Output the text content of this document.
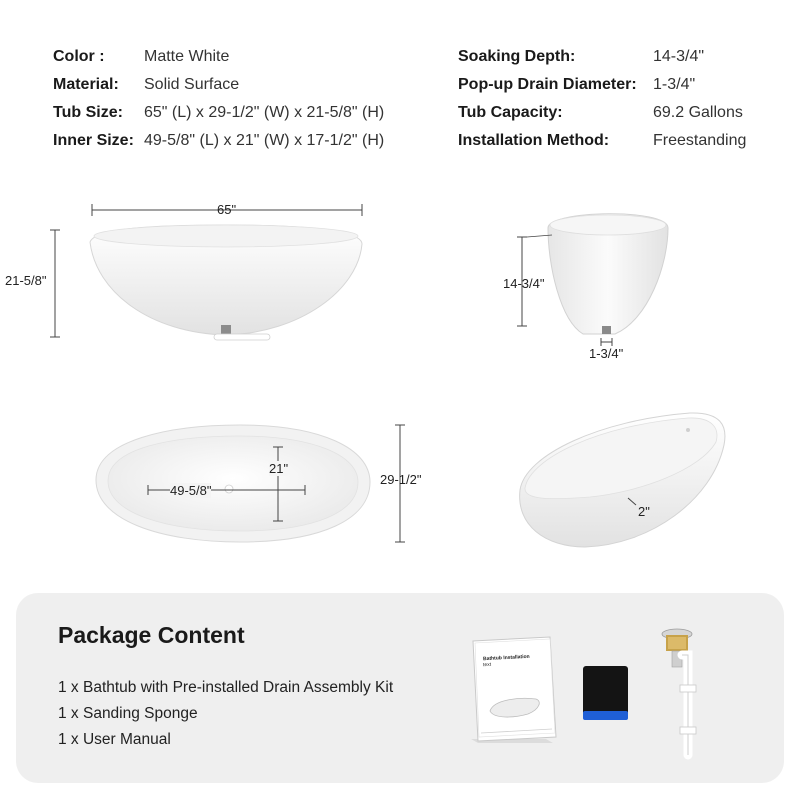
Color : Matte White
Material: Solid Surface
Tub Size: 65" (L) x 29-1/2" (W) x 21-5/8" (H)
Inner Size: 49-5/8" (L) x 21" (W) x 17-1/2" (H)
Soaking Depth:	14-3/4"
Pop-up Drain Diameter: 1-3/4"
Tub Capacity:	69.2 Gallons
Installation Method:	Freestanding
65"
21-5/8"	14-3/4"
1-3/4"
21"
49-5/8"
29-1/2"
2"
Package Content
1 x Bathtub with Pre-installed Drain Assembly Kit
1 x Sanding Sponge
1 x User Manual
Bathtub Installation
text
